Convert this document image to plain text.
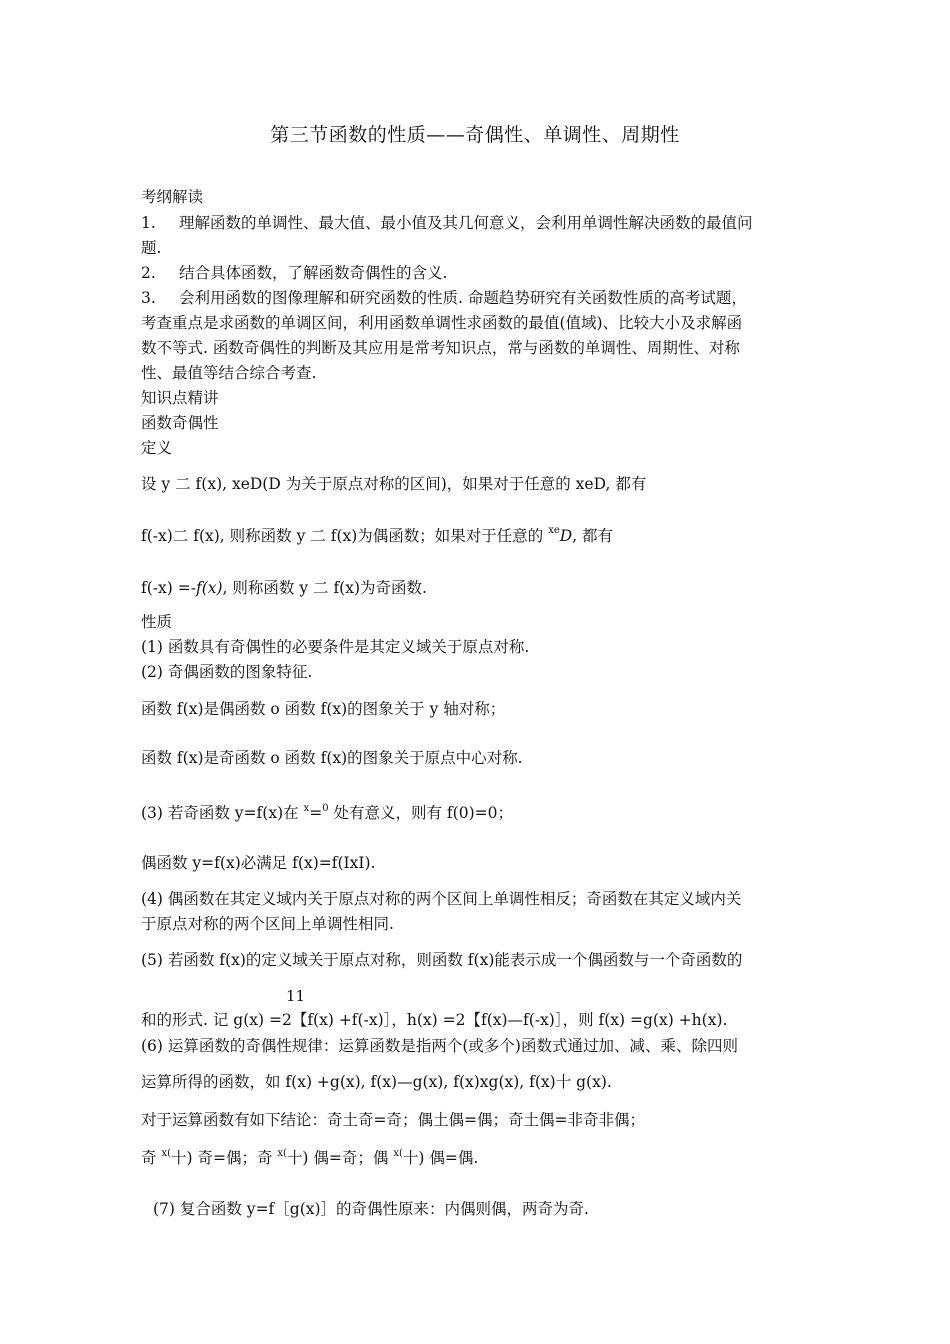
第三节函数的性质——奇偶性、单调性、周期性
考纲解读
1. 理解函数的单调性、最大值、最小值及其几何意义，会利用单调性解决函数的最值问
题.
2. 结合具体函数，了解函数奇偶性的含义.
3. 会利用函数的图像理解和研究函数的性质. 命题趋势研究有关函数性质的高考试题，
考查重点是求函数的单调区间，利用函数单调性求函数的最值(值域)、比较大小及求解函
数不等式. 函数奇偶性的判断及其应用是常考知识点，常与函数的单调性、周期性、对称
性、最值等结合综合考查.
知识点精讲
函数奇偶性
定义
设 y 二 f(x), xeD(D 为关于原点对称的区间)，如果对于任意的 xeD, 都有
f(-x)二 f(x), 则称函数 y 二 f(x)为偶函数；如果对于任意的 $^{xe}$D, 都有
f(-x) =-f(x), 则称函数 y 二 f(x)为奇函数.
性质
(1) 函数具有奇偶性的必要条件是其定义域关于原点对称.
(2) 奇偶函数的图象特征.
函数 f(x)是偶函数 o 函数 f(x)的图象关于 y 轴对称；
函数 f(x)是奇函数 o 函数 f(x)的图象关于原点中心对称.
(3) 若奇函数 y=f(x)在 $^x$=$^0$ 处有意义，则有 f(0)=0；
偶函数 y=f(x)必满足 f(x)=f(IxI).
(4) 偶函数在其定义域内关于原点对称的两个区间上单调性相反；奇函数在其定义域内关
于原点对称的两个区间上单调性相同.
(5) 若函数 f(x)的定义域关于原点对称，则函数 f(x)能表示成一个偶函数与一个奇函数的
11
和的形式. 记 g(x) =2【f(x) +f(-x)］，h(x) =2【f(x)—f(-x)］，则 f(x) =g(x) +h(x).
(6) 运算函数的奇偶性规律：运算函数是指两个(或多个)函数式通过加、减、乘、除四则
运算所得的函数，如 f(x) +g(x), f(x)—g(x), f(x)xg(x), f(x)十 g(x).
对于运算函数有如下结论：奇土奇=奇；偶土偶=偶；奇土偶=非奇非偶；
奇 $^{x(}$十) 奇=偶；奇 $^{x(}$十) 偶=奇；偶 $^{x(}$十) 偶=偶.
(7) 复合函数 y=f［g(x)］的奇偶性原来：内偶则偶，两奇为奇.
